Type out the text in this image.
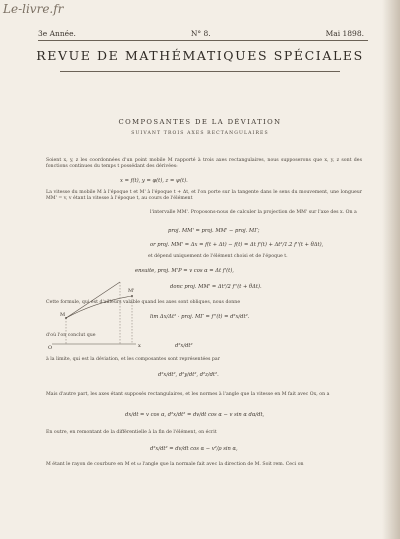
Le-livre.fr
3e Année.	N° 8.	Mai 1898.
REVUE DE MATHÉMATIQUES SPÉCIALES
COMPOSANTES DE LA DÉVIATION
SUIVANT TROIS AXES RECTANGULAIRES

Soient x, y, z les coordonnées d'un point mobile M rapporté à trois axes rectangulaires, nous supposerons que x, y, z sont des fonctions continues du temps t possédant des dérivées:

x = f(t), y = φ(t), z = ψ(t).

La vitesse du mobile M à l'époque t et M' à l'époque t + Δt, et l'on porte sur la tangente dans le sens du mouvement, une longueur MM' = v, v étant la vitesse à l'époque t, au cours de l'élément

l'intervalle MM'. Proposons-nous de calculer la projection de MM' sur l'axe des x. On a

M
M'
O	x
proj. MM' = proj. MM' − proj. MΓ;
or proj. MM' = Δx = f(t + Δt) − f(t) = Δt f'(t) + Δt²/1.2 f''(t + θΔt),

et dépend uniquement de l'élément choisi et de l'époque t.

ensuite, proj. M'P = v cos α = Δt f'(t),
donc proj. MM' = Δt²/2 f''(t + θΔt).

Cette formule, qui est d'ailleurs valable quand les axes sont obliques, nous donne

lim Δx/Δt² · proj. MΓ = f''(t) = d²x/dt².

d'où l'on conclut que

d²x/dt²

à la limite, qui est la déviation, et les composantes sont représentées par

d²x/dt², d²y/dt², d²z/dt².

Mais d'autre part, les axes étant supposés rectangulaires, et les normes à l'angle que la vitesse en M fait avec Ox, on a

dx/dt = v cos α, d²x/dt² = dv/dt cos α − v sin α dα/dt,

En outre, en remontant de la différentielle à la fin de l'élément, on écrit

d²x/dt² = dv/dt cos α − v²/ρ sin α,

M étant le rayon de courbure en M et ω l'angle que la normale fait avec la direction de M. Soit rem. Ceci on
